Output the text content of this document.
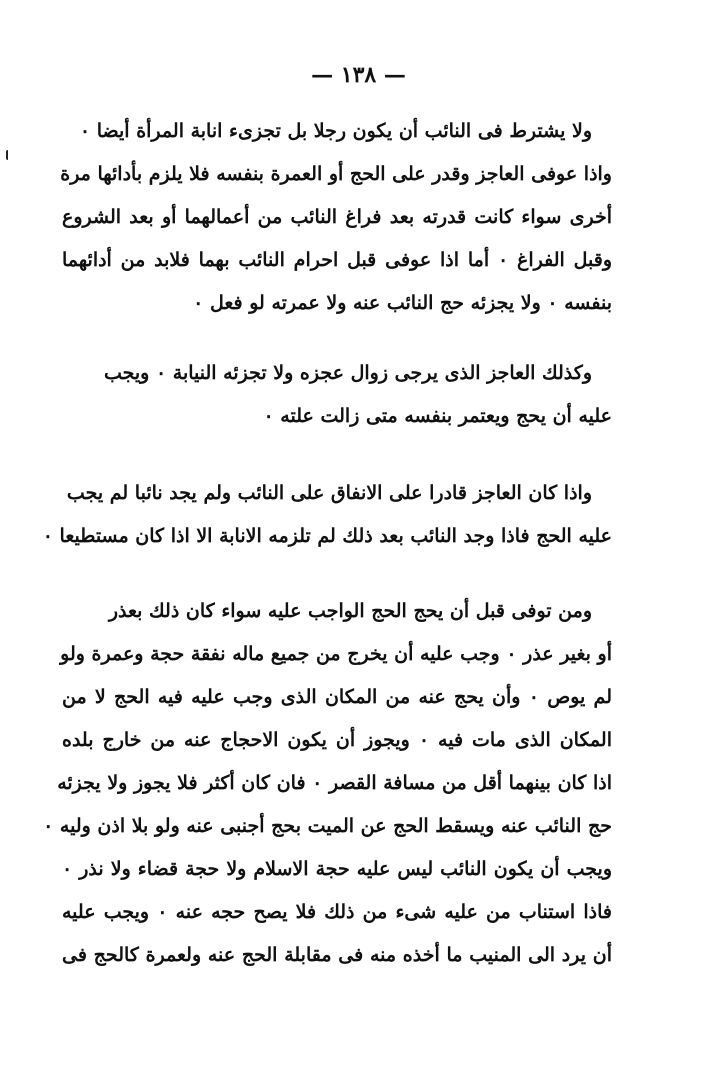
— ١٣٨ —
ولا يشترط فى النائب أن يكون رجلا بل تجزىء انابة المرأة أيضا ٠
واذا عوفى العاجز وقدر على الحج أو العمرة بنفسه فلا يلزم بأدائها مرة
أخرى سواء كانت قدرته بعد فراغ النائب من أعمالهما أو بعد الشروع
وقبل الفراغ ٠ أما اذا عوفى قبل احرام النائب بهما فلابد من أدائهما
بنفسه ٠ ولا يجزئه حج النائب عنه ولا عمرته لو فعل ٠
وكذلك العاجز الذى يرجى زوال عجزه ولا تجزئه النيابة ٠ ويجب
عليه أن يحج ويعتمر بنفسه متى زالت علته ٠
واذا كان العاجز قادرا على الانفاق على النائب ولم يجد نائبا لم يجب
عليه الحج فاذا وجد النائب بعد ذلك لم تلزمه الانابة الا اذا كان مستطيعا ٠
ومن توفى قبل أن يحج الحج الواجب عليه سواء كان ذلك بعذر
أو بغير عذر ٠ وجب عليه أن يخرج من جميع ماله نفقة حجة وعمرة ولو
لم يوص ٠ وأن يحج عنه من المكان الذى وجب عليه فيه الحج لا من
المكان الذى مات فيه ٠ ويجوز أن يكون الاحجاج عنه من خارج بلده
اذا كان بينهما أقل من مسافة القصر ٠ فان كان أكثر فلا يجوز ولا يجزئه
حج النائب عنه ويسقط الحج عن الميت بحج أجنبى عنه ولو بلا اذن وليه ٠
ويجب أن يكون النائب ليس عليه حجة الاسلام ولا حجة قضاء ولا نذر ٠
فاذا استناب من عليه شىء من ذلك فلا يصح حجه عنه ٠ ويجب عليه
أن يرد الى المنيب ما أخذه منه فى مقابلة الحج عنه ولعمرة كالحج فى
